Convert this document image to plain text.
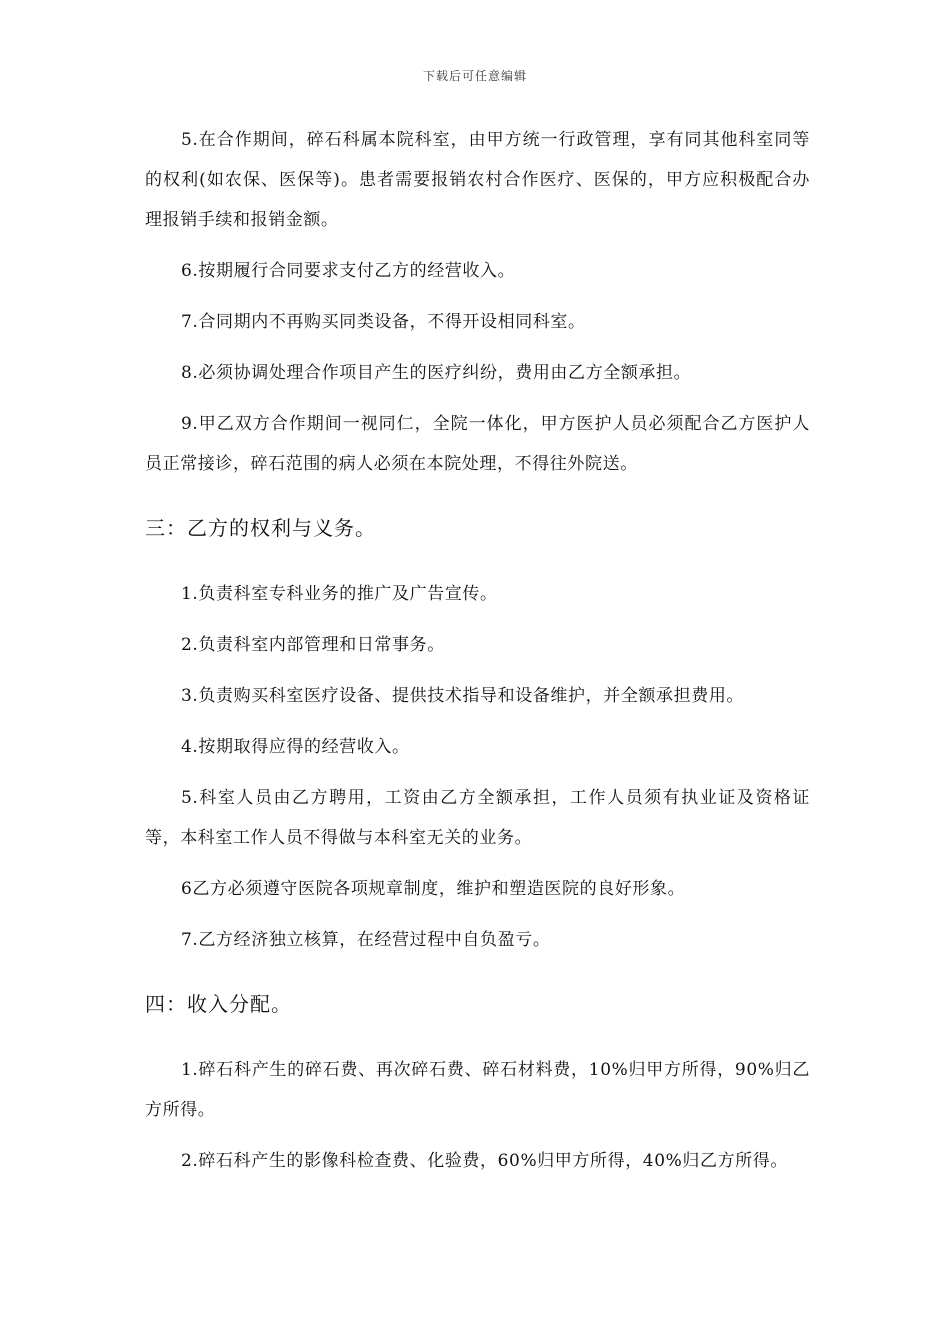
下载后可任意编辑

5.在合作期间，碎石科属本院科室，由甲方统一行政管理，享有同其他科室同等的权利(如农保、医保等)。患者需要报销农村合作医疗、医保的，甲方应积极配合办理报销手续和报销金额。

6.按期履行合同要求支付乙方的经营收入。

7.合同期内不再购买同类设备，不得开设相同科室。

8.必须协调处理合作项目产生的医疗纠纷，费用由乙方全额承担。

9.甲乙双方合作期间一视同仁，全院一体化，甲方医护人员必须配合乙方医护人员正常接诊，碎石范围的病人必须在本院处理，不得往外院送。

三：乙方的权利与义务。

1.负责科室专科业务的推广及广告宣传。

2.负责科室内部管理和日常事务。

3.负责购买科室医疗设备、提供技术指导和设备维护，并全额承担费用。

4.按期取得应得的经营收入。

5.科室人员由乙方聘用，工资由乙方全额承担，工作人员须有执业证及资格证等，本科室工作人员不得做与本科室无关的业务。

6乙方必须遵守医院各项规章制度，维护和塑造医院的良好形象。

7.乙方经济独立核算，在经营过程中自负盈亏。

四：收入分配。

1.碎石科产生的碎石费、再次碎石费、碎石材料费，10%归甲方所得，90%归乙方所得。

2.碎石科产生的影像科检查费、化验费，60%归甲方所得，40%归乙方所得。
